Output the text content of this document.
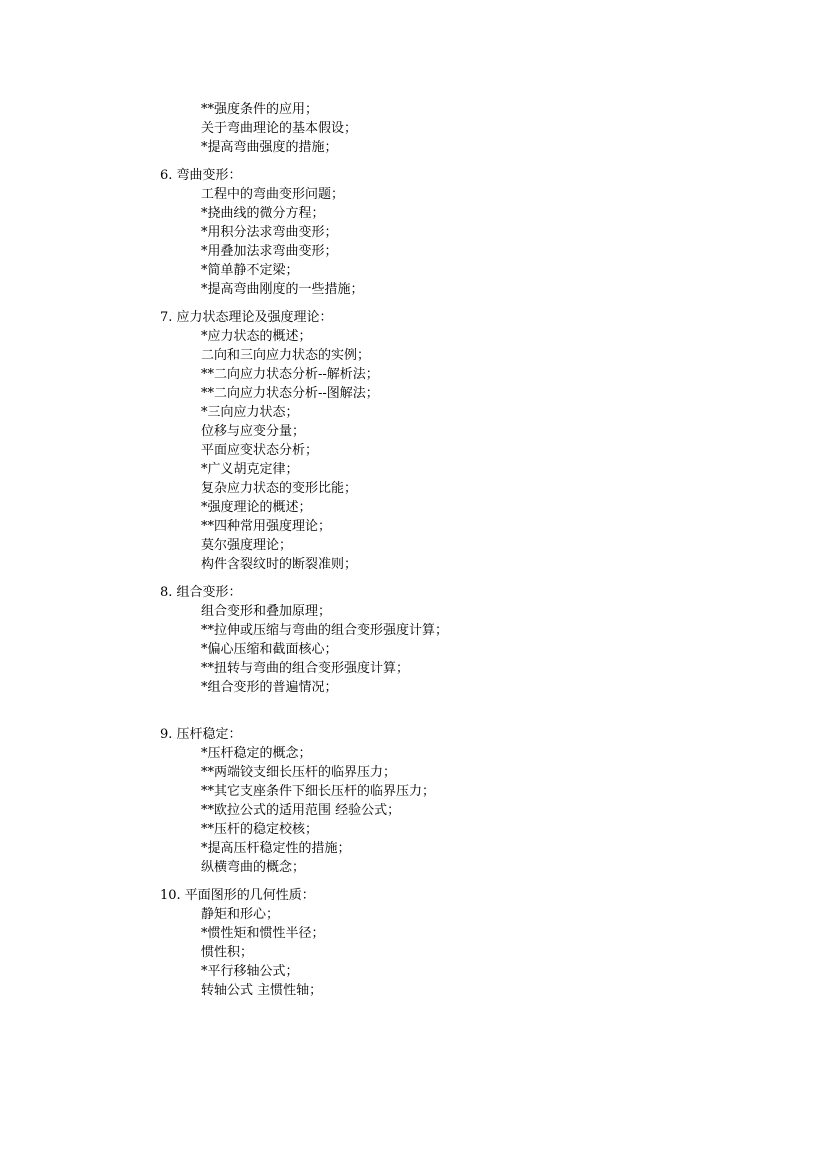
**强度条件的应用；
关于弯曲理论的基本假设；
*提高弯曲强度的措施；
6. 弯曲变形：
工程中的弯曲变形问题；
*挠曲线的微分方程；
*用积分法求弯曲变形；
*用叠加法求弯曲变形；
*简单静不定梁；
*提高弯曲刚度的一些措施；
7. 应力状态理论及强度理论：
*应力状态的概述；
二向和三向应力状态的实例；
**二向应力状态分析--解析法；
**二向应力状态分析--图解法；
*三向应力状态；
位移与应变分量；
平面应变状态分析；
*广义胡克定律；
复杂应力状态的变形比能；
*强度理论的概述；
**四种常用强度理论；
莫尔强度理论；
构件含裂纹时的断裂准则；
8. 组合变形：
组合变形和叠加原理；
**拉伸或压缩与弯曲的组合变形强度计算；
*偏心压缩和截面核心；
**扭转与弯曲的组合变形强度计算；
*组合变形的普遍情况；
9. 压杆稳定：
*压杆稳定的概念；
**两端铰支细长压杆的临界压力；
**其它支座条件下细长压杆的临界压力；
**欧拉公式的适用范围 经验公式；
**压杆的稳定校核；
*提高压杆稳定性的措施；
纵横弯曲的概念；
10. 平面图形的几何性质：
静矩和形心；
*惯性矩和惯性半径；
惯性积；
*平行移轴公式；
转轴公式 主惯性轴；
